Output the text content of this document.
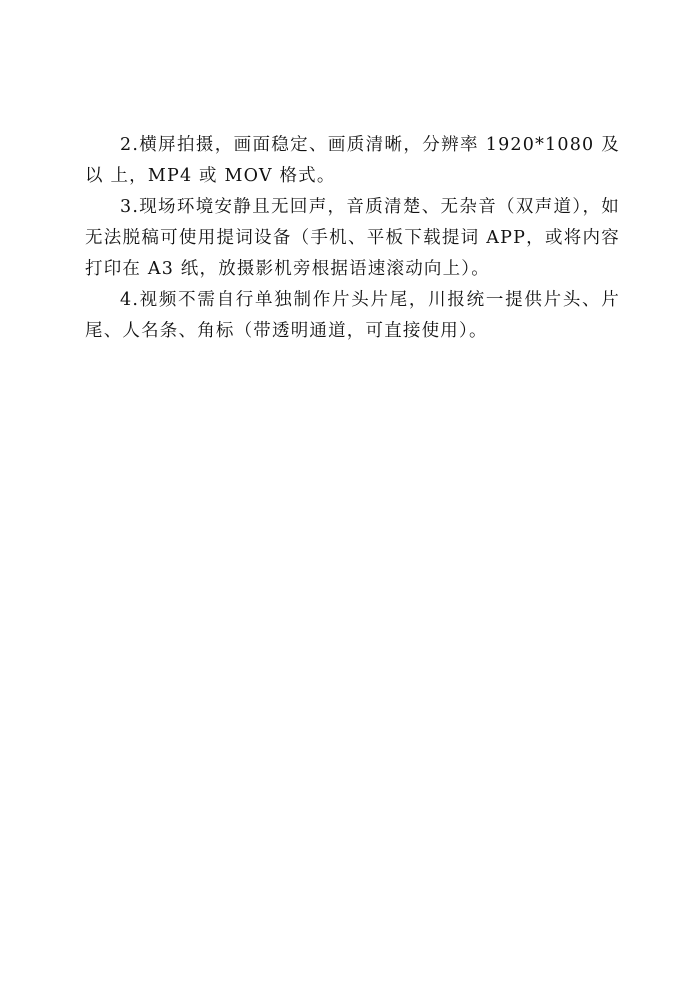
2.横屏拍摄，画面稳定、画质清晰，分辨率 1920*1080 及以 上，MP4 或 MOV 格式。

3.现场环境安静且无回声，音质清楚、无杂音（双声道），如无法脱稿可使用提词设备（手机、平板下载提词 APP，或将内容打印在 A3 纸，放摄影机旁根据语速滚动向上）。

4.视频不需自行单独制作片头片尾，川报统一提供片头、片尾、人名条、角标（带透明通道，可直接使用）。
